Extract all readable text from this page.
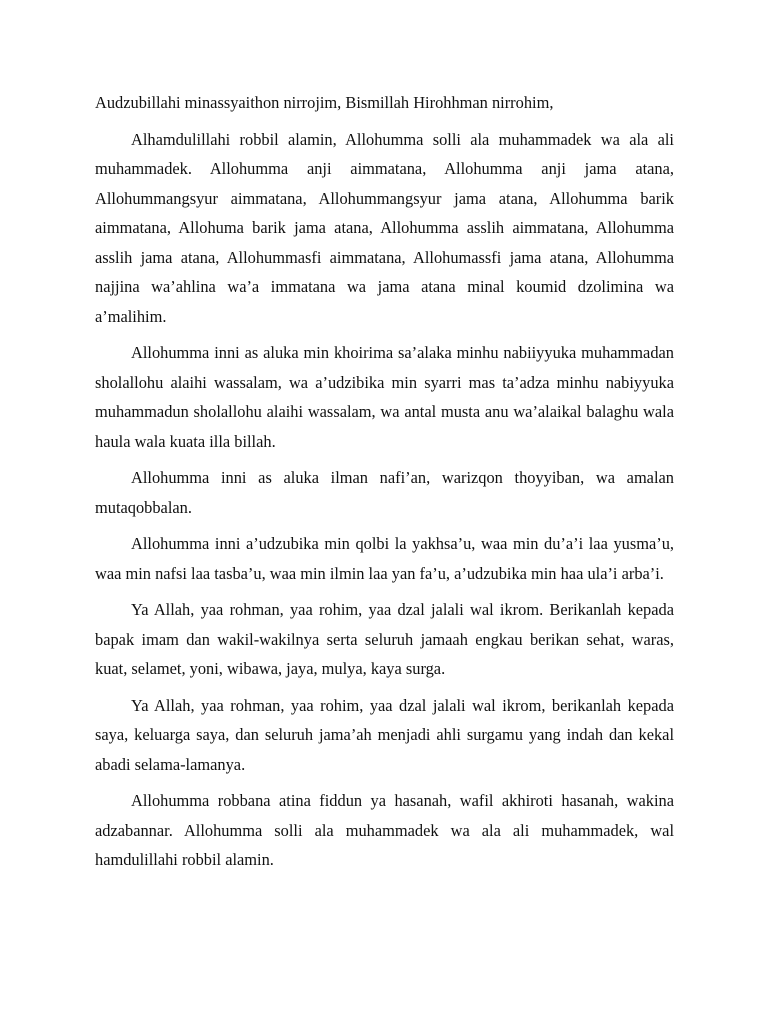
Audzubillahi minassyaithon nirrojim, Bismillah Hirohhman nirrohim,

Alhamdulillahi robbil alamin, Allohumma solli ala muhammadek wa ala ali muhammadek. Allohumma anji aimmatana, Allohumma anji jama atana, Allohummangsyur aimmatana, Allohummangsyur jama atana, Allohumma barik aimmatana, Allohuma barik jama atana, Allohumma asslih aimmatana, Allohumma asslih jama atana, Allohummasfi aimmatana, Allohumassfi jama atana, Allohumma najjina wa’ahlina wa’a immatana wa jama atana minal koumid dzolimina wa a’malihim.

Allohumma inni as aluka min khoirima sa’alaka minhu nabiiyyuka muhammadan sholallohu alaihi wassalam, wa a’udzibika min syarri mas ta’adza minhu nabiyyuka muhammadun sholallohu alaihi wassalam, wa antal musta anu wa’alaikal balaghu wala haula wala kuata illa billah.

Allohumma inni as aluka ilman nafi’an, warizqon thoyyiban, wa amalan mutaqobbalan.

Allohumma inni a’udzubika min qolbi la yakhsa’u, waa min du’a’i laa yusma’u, waa min nafsi laa tasba’u, waa min ilmin laa yan fa’u, a’udzubika min haa ula’i arba’i.

Ya Allah, yaa rohman, yaa rohim, yaa dzal jalali wal ikrom. Berikanlah kepada bapak imam dan wakil-wakilnya serta seluruh jamaah engkau berikan sehat, waras, kuat, selamet, yoni, wibawa, jaya, mulya, kaya surga.

Ya Allah, yaa rohman, yaa rohim, yaa dzal jalali wal ikrom, berikanlah kepada saya, keluarga saya, dan seluruh jama’ah menjadi ahli surgamu yang indah dan kekal abadi selama-lamanya.

Allohumma robbana atina fiddun ya hasanah, wafil akhiroti hasanah, wakina adzabannar. Allohumma solli ala muhammadek wa ala ali muhammadek, wal hamdulillahi robbil alamin.
